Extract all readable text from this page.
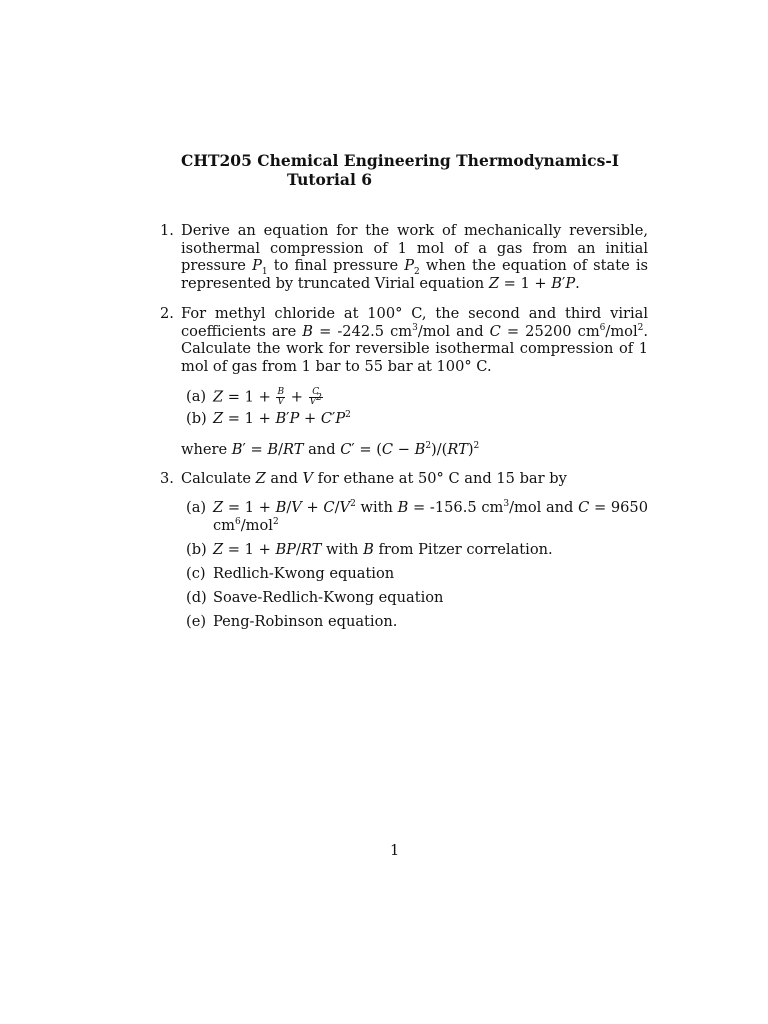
CHT205 Chemical Engineering Thermodynamics-I
Tutorial 6
1. Derive an equation for the work of mechanically reversible, isothermal compression of 1 mol of a gas from an initial pressure $P_1$ to final pressure $P_2$ when the equation of state is represented by truncated Virial equation Z = 1 + B′P.
2. For methyl chloride at 100° C, the second and third virial coefficients are B = -242.5 $cm^3$/mol and C = 25200 $cm^6/mol^2$. Calculate the work for reversible isothermal compression of 1 mol of gas from 1 bar to 55 bar at 100° C.
(a) $Z = 1 + \frac{B}{V} + \frac{C}{V^2}$
(b) $Z = 1 + B'P + C'P^2$
where B′ = B/RT and $C' = (C - B^2)/(RT)^2$
3. Calculate Z and V for ethane at 50° C and 15 bar by
(a) $Z = 1 + B/V + C/V^2$ with B = -156.5 $cm^3$/mol and C = 9650 $cm^6/mol^2$
(b) Z = 1 + BP/RT with B from Pitzer correlation.
(c) Redlich-Kwong equation
(d) Soave-Redlich-Kwong equation
(e) Peng-Robinson equation.
1
